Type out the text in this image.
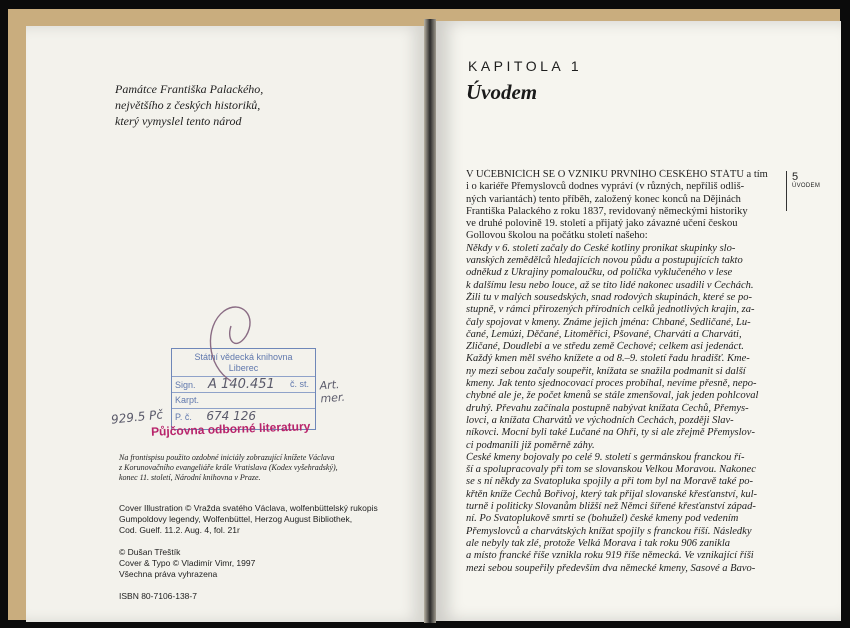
Památce Františka Palackého,
největšího z českých historiků,
který vymyslel tento národ
Státní vědecká knihovna
Liberec
Sign. A 140.451 č. st.
Karpt.
P. č. 674 126
929.5 Pč
Art. mer.
Půjčovna odborné literatury
Na frontispisu použito ozdobné iniciály zobrazující knížete Václava
z Korunovačního evangeliáře krále Vratislava (Kodex vyšehradský),
konec 11. století, Národní knihovna v Praze.
Cover Illustration © Vražda svatého Václava, wolfenbüttelský rukopis
Gumpoldovy legendy, Wolfenbüttel, Herzog August Bibliothek,
Cod. Guelf. 11.2. Aug. 4, fol. 21r
© Dušan Třeštík
Cover & Typo © Vladimír Vimr, 1997
Všechna práva vyhrazena
ISBN 80-7106-138-7
KAPITOLA 1
Úvodem
V UČEBNICÍCH SE O VZNIKU PRVNÍHO ČESKÉHO STÁTU a tím
i o kariéře Přemyslovců dodnes vypráví (v různých, nepříliš odliš-
ných variantách) tento příběh, založený konec konců na Dějinách
Františka Palackého z roku 1837, revidovaný německými historiky
ve druhé polovině 19. století a přijatý jako závazné učení českou
Gollovou školou na počátku století našeho:
Někdy v 6. století začaly do České kotliny pronikat skupinky slo-
vanských zemědělců hledajících novou půdu a postupujících takto
odněkud z Ukrajiny pomaloučku, od políčka vyklučeného v lese
k dalšímu lesu nebo louce, až se tito lidé nakonec usadili v Čechách.
Žili tu v malých sousedských, snad rodových skupinách, které se po-
stupně, v rámci přirozených přírodních celků jednotlivých krajin, za-
čaly spojovat v kmeny. Známe jejich jména: Chbané, Sedličané, Lu-
čané, Lemúzi, Děčané, Litoměřici, Pšované, Charváti a Charváti,
Zličané, Doudlebi a ve středu země Čechové; celkem asi jedenáct.
Každý kmen měl svého knížete a od 8.–9. století řadu hradišť. Kme-
ny mezi sebou začaly soupeřit, knížata se snažila podmanit si další
kmeny. Jak tento sjednocovací proces probíhal, nevíme přesně, nepo-
chybné ale je, že počet kmenů se stále zmenšoval, jak jeden pohlcoval
druhý. Převahu začínala postupně nabývat knížata Čechů, Přemys-
lovci, a knížata Charvátů ve východních Čechách, později Slav-
níkovci. Mocní byli také Lučané na Ohři, ty si ale zřejmě Přemyslov-
ci podmanili již poměrně záhy.
České kmeny bojovaly po celé 9. století s germánskou franckou ří-
ší a spolupracovaly při tom se slovanskou Velkou Moravou. Nakonec
se s ní někdy za Svatopluka spojily a při tom byl na Moravě také po-
křtěn kníže Čechů Bořivoj, který tak přijal slovanské křesťanství, kul-
turně i politicky Slovanům bližší než Němci šířené křesťanství západ-
ní. Po Svatoplukově smrti se (bohužel) české kmeny pod vedením
Přemyslovců a charvátských knížat spojily s franckou říší. Následky
ale nebyly tak zlé, protože Velká Morava i tak roku 906 zanikla
a místo francké říše vznikla roku 919 říše německá. Ve vznikající říši
mezi sebou soupeřily především dva německé kmeny, Sasové a Bavo-
5
ÚVODEM
